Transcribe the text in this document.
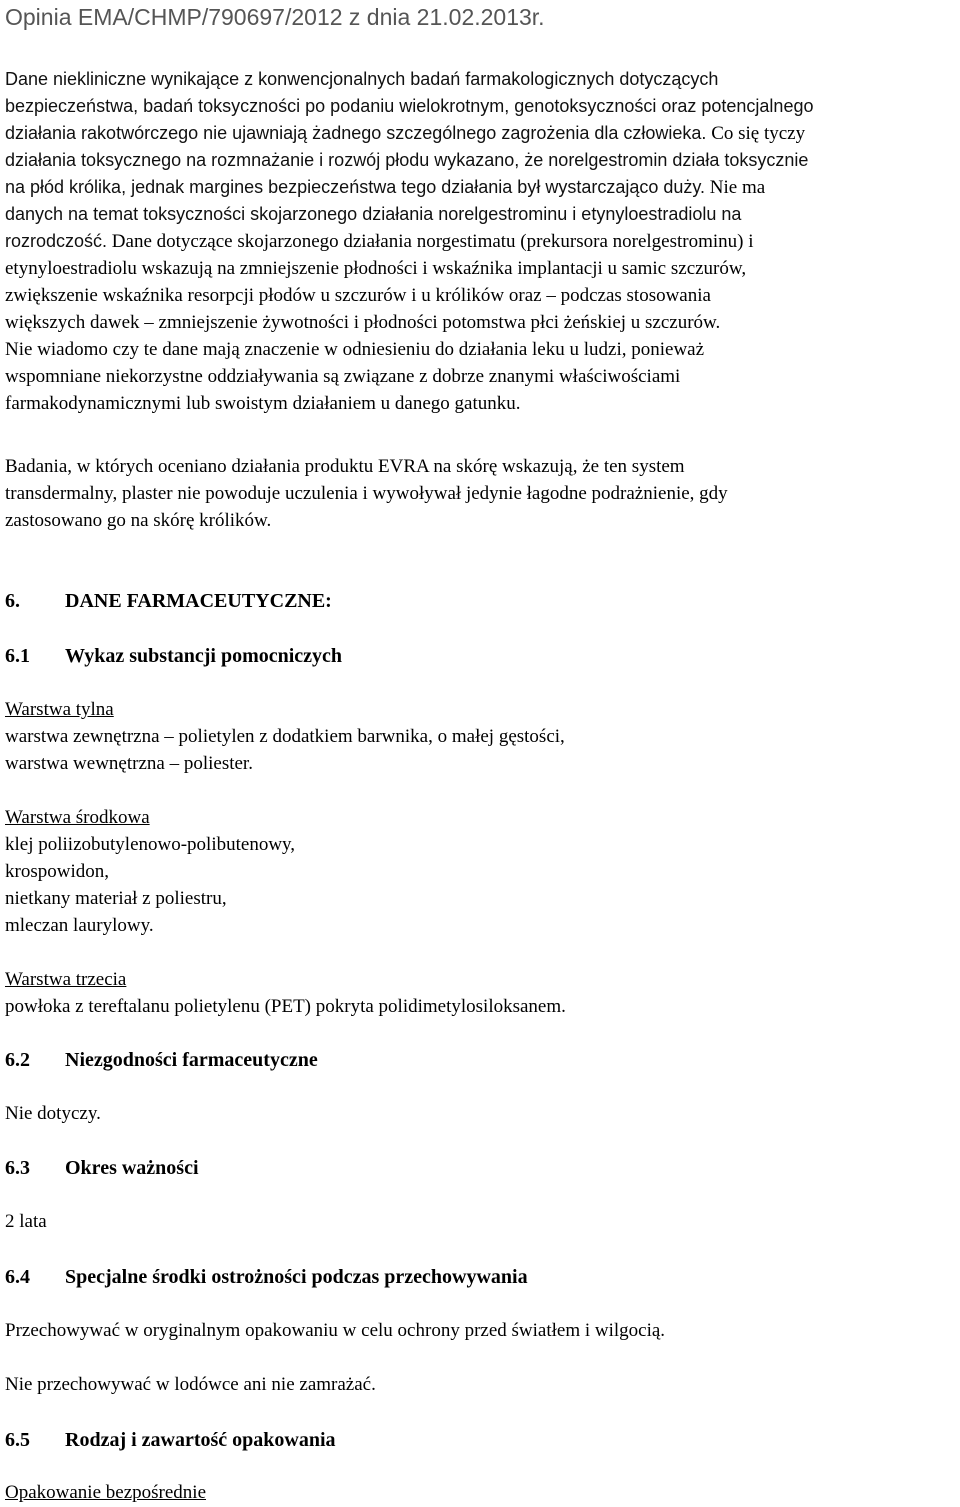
Opinia EMA/CHMP/790697/2012 z dnia 21.02.2013r.
Dane niekliniczne wynikające z konwencjonalnych badań farmakologicznych dotyczących
bezpieczeństwa, badań toksyczności po podaniu wielokrotnym, genotoksyczności oraz potencjalnego
działania rakotwórczego nie ujawniają żadnego szczególnego zagrożenia dla człowieka. Co się tyczy
działania toksycznego na rozmnażanie i rozwój płodu wykazano, że norelgestromin działa toksycznie
na płód królika, jednak margines bezpieczeństwa tego działania był wystarczająco duży. Nie ma
danych na temat toksyczności skojarzonego działania norelgestrominu i etynyloestradiolu na
rozrodczość. Dane dotyczące skojarzonego działania norgestimatu (prekursora norelgestrominu) i
etynyloestradiolu wskazują na zmniejszenie płodności i wskaźnika implantacji u samic szczurów,
zwiększenie wskaźnika resorpcji płodów u szczurów i u królików oraz – podczas stosowania
większych dawek – zmniejszenie żywotności i płodności potomstwa płci żeńskiej u szczurów.
Nie wiadomo czy te dane mają znaczenie w odniesieniu do działania leku u ludzi, ponieważ
wspomniane niekorzystne oddziaływania są związane z dobrze znanymi właściwościami
farmakodynamicznymi lub swoistym działaniem u danego gatunku.
Badania, w których oceniano działania produktu EVRA na skórę wskazują, że ten system
transdermalny, plaster nie powoduje uczulenia i wywoływał jedynie łagodne podrażnienie, gdy
zastosowano go na skórę królików.
6. DANE FARMACEUTYCZNE:
6.1 Wykaz substancji pomocniczych
Warstwa tylna
warstwa zewnętrzna – polietylen z dodatkiem barwnika, o małej gęstości,
warstwa wewnętrzna – poliester.
Warstwa środkowa
klej poliizobutylenowo-polibutenowy,
krospowidon,
nietkany materiał z poliestru,
mleczan laurylowy.
Warstwa trzecia
powłoka z tereftalanu polietylenu (PET) pokryta polidimetylosiloksanem.
6.2 Niezgodności farmaceutyczne
Nie dotyczy.
6.3 Okres ważności
2 lata
6.4 Specjalne środki ostrożności podczas przechowywania
Przechowywać w oryginalnym opakowaniu w celu ochrony przed światłem i wilgocią.
Nie przechowywać w lodówce ani nie zamrażać.
6.5 Rodzaj i zawartość opakowania
Opakowanie bezpośrednie
